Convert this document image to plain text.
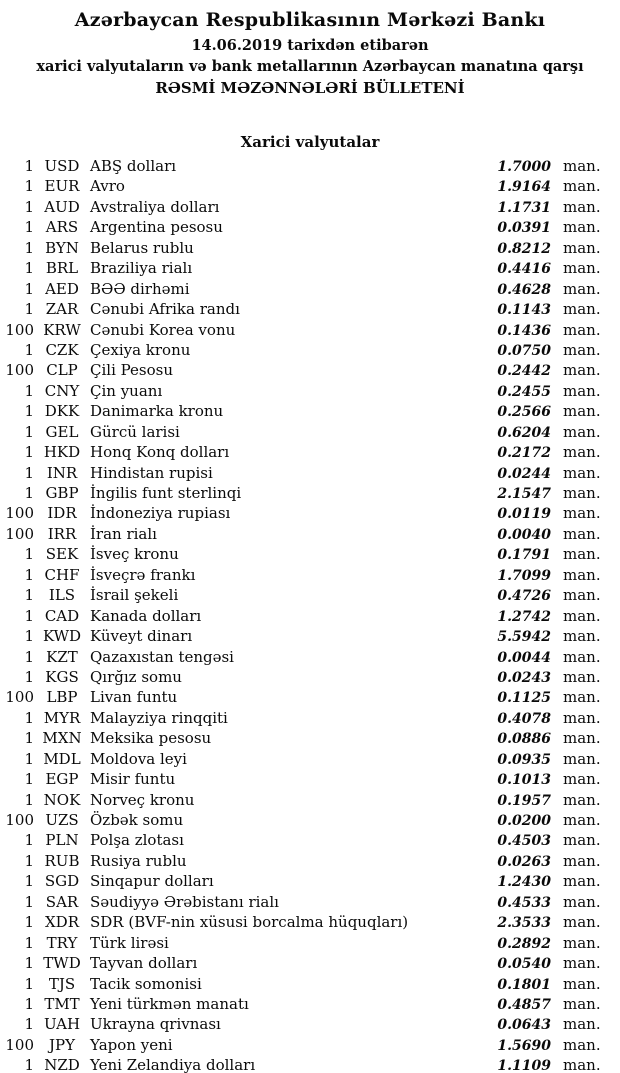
Azərbaycan Respublikasının Mərkəzi Bankı
14.06.2019 tarixdən etibarən
xarici valyutaların və bank metallarının Azərbaycan manatına qarşı
RƏSMİ MƏZƏNNƏLƏRİ BÜLLETENİ
Xarici valyutalar
1 USD ABŞ dolları	1.7000 man.
1 EUR Avro	1.9164 man.
1 AUD Avstraliya dolları	1.1731 man.
1 ARS Argentina pesosu	0.0391 man.
1 BYN Belarus rublu	0.8212 man.
1 BRL Braziliya rialı	0.4416 man.
1 AED BƏƏ dirhəmi	0.4628 man.
1 ZAR Cənubi Afrika randı	0.1143 man.
100 KRW Cənubi Korea vonu	0.1436 man.
1 CZK Çexiya kronu	0.0750 man.
100 CLP Çili Pesosu	0.2442 man.
1 CNY Çin yuanı	0.2455 man.
1 DKK Danimarka kronu	0.2566 man.
1 GEL Gürcü larisi	0.6204 man.
1 HKD Honq Konq dolları	0.2172 man.
1 INR Hindistan rupisi	0.0244 man.
1 GBP İngilis funt sterlinqi	2.1547 man.
100 IDR İndoneziya rupiası	0.0119 man.
100 IRR İran rialı	0.0040 man.
1 SEK İsveç kronu	0.1791 man.
1 CHF İsveçrə frankı	1.7099 man.
1 ILS İsrail şekeli	0.4726 man.
1 CAD Kanada dolları	1.2742 man.
1 KWD Küveyt dinarı	5.5942 man.
1 KZT Qazaxıstan tengəsi	0.0044 man.
1 KGS Qırğız somu	0.0243 man.
100 LBP Livan funtu	0.1125 man.
1 MYR Malayziya rinqqiti	0.4078 man.
1 MXN Meksika pesosu	0.0886 man.
1 MDL Moldova leyi	0.0935 man.
1 EGP Misir funtu	0.1013 man.
1 NOK Norveç kronu	0.1957 man.
100 UZS Özbək somu	0.0200 man.
1 PLN Polşa zlotası	0.4503 man.
1 RUB Rusiya rublu	0.0263 man.
1 SGD Sinqapur dolları	1.2430 man.
1 SAR Səudiyyə Ərəbistanı rialı	0.4533 man.
1 XDR SDR (BVF-nin xüsusi borcalma hüquqları)	2.3533 man.
1 TRY Türk lirəsi	0.2892 man.
1 TWD Tayvan dolları	0.0540 man.
1 TJS Tacik somonisi	0.1801 man.
1 TMT Yeni türkmən manatı	0.4857 man.
1 UAH Ukrayna qrivnası	0.0643 man.
100 JPY	Yapon yeni	1.5690 man.
1 NZD Yeni Zelandiya dolları	1.1109 man.
